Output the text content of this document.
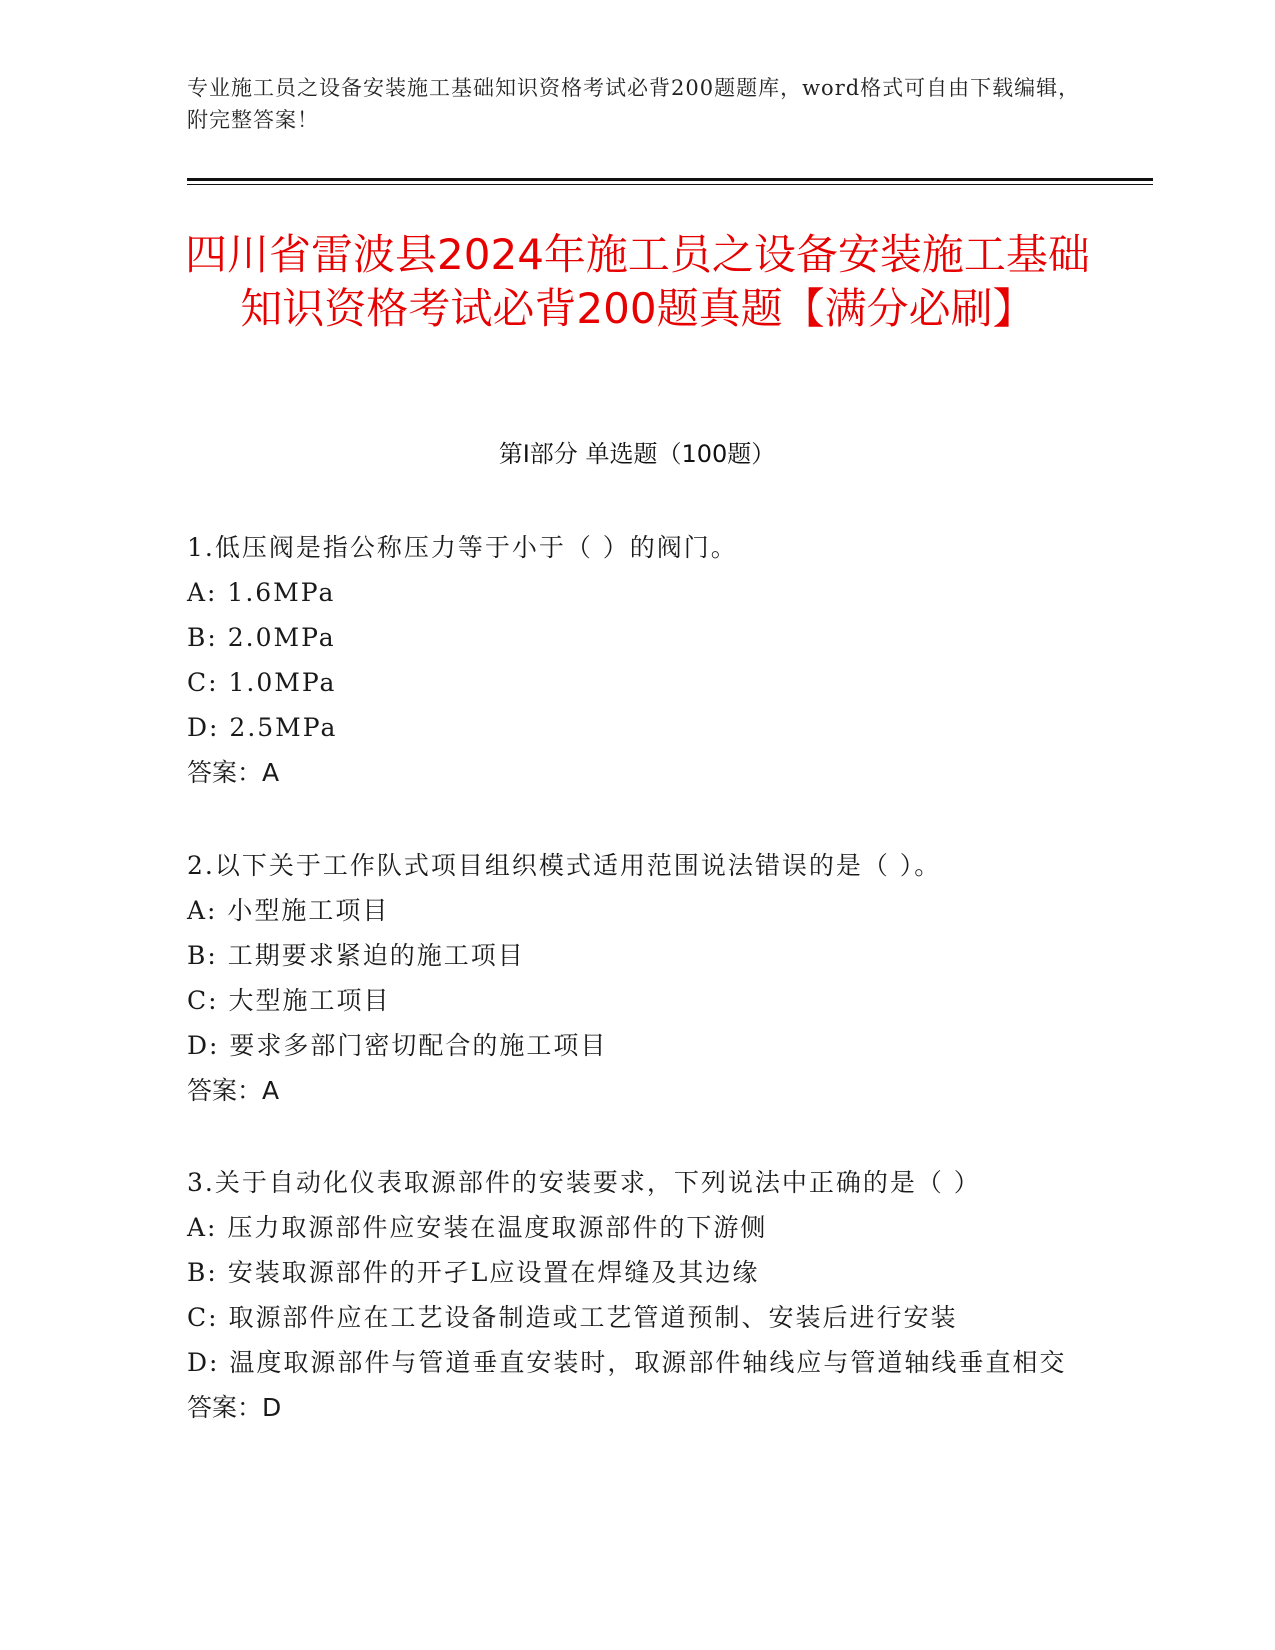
专业施工员之设备安装施工基础知识资格考试必背200题题库，word格式可自由下载编辑，附完整答案！
四川省雷波县2024年施工员之设备安装施工基础知识资格考试必背200题真题【满分必刷】
第I部分 单选题（100题）
1.低压阀是指公称压力等于小于（ ）的阀门。
A: 1.6MPa
B: 2.0MPa
C: 1.0MPa
D: 2.5MPa
答案：A
2.以下关于工作队式项目组织模式适用范围说法错误的是（ ）。
A: 小型施工项目
B: 工期要求紧迫的施工项目
C: 大型施工项目
D: 要求多部门密切配合的施工项目
答案：A
3.关于自动化仪表取源部件的安装要求，下列说法中正确的是（ ）
A: 压力取源部件应安装在温度取源部件的下游侧
B: 安装取源部件的开孑L应设置在焊缝及其边缘
C: 取源部件应在工艺设备制造或工艺管道预制、安装后进行安装
D: 温度取源部件与管道垂直安装时，取源部件轴线应与管道轴线垂直相交
答案：D
